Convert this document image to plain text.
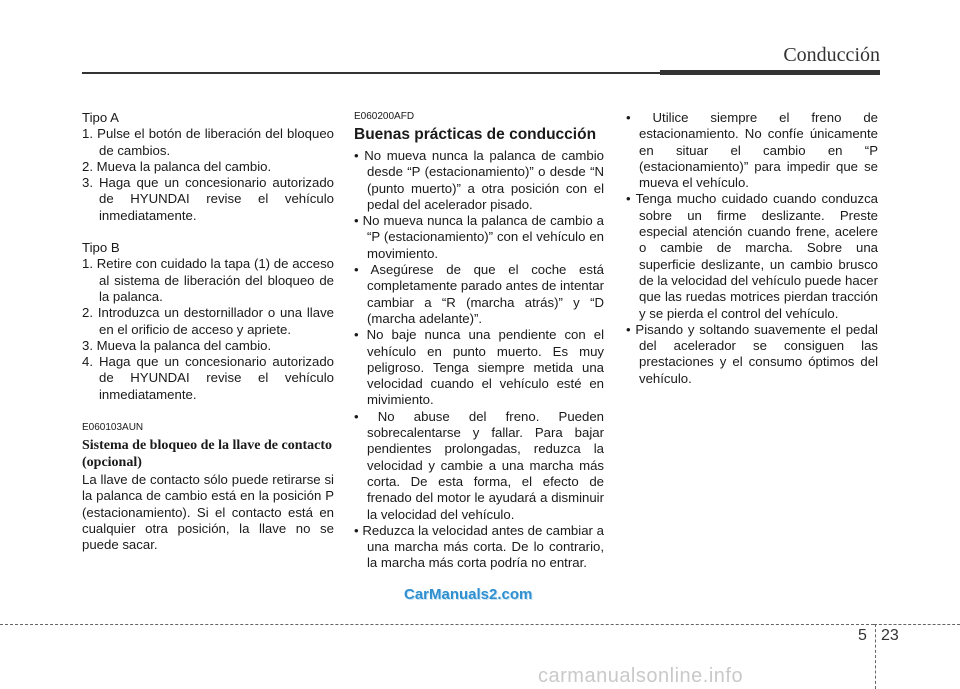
Conducción
Tipo A

1. Pulse el botón de liberación del bloqueo de cambios.

2. Mueva la palanca del cambio.

3. Haga que un concesionario autorizado de HYUNDAI revise el vehículo inmediatamente.

Tipo B

1. Retire con cuidado la tapa (1) de acceso al sistema de liberación del bloqueo de la palanca.

2. Introduzca un destornillador o una llave en el orificio de acceso y apriete.

3. Mueva la palanca del cambio.

4. Haga que un concesionario autorizado de HYUNDAI revise el vehículo inmediatamente.

E060103AUN
Sistema de bloqueo de la llave de contacto (opcional)
La llave de contacto sólo puede retirarse si la palanca de cambio está en la posición P (estacionamiento). Si el contacto está en cualquier otra posición, la llave no se puede sacar.
E060200AFD
Buenas prácticas de conducción

• No mueva nunca la palanca de cambio desde “P (estacionamiento)” o desde “N (punto muerto)” a otra posición con el pedal del acelerador pisado.

• No mueva nunca la palanca de cambio a “P (estacionamiento)” con el vehículo en movimiento.

• Asegúrese de que el coche está completamente parado antes de intentar cambiar a “R (marcha atrás)” y “D (marcha adelante)”.

• No baje nunca una pendiente con el vehículo en punto muerto. Es muy peligroso. Tenga siempre metida una velocidad cuando el vehículo esté en mivimiento.

• No abuse del freno. Pueden sobrecalentarse y fallar. Para bajar pendientes prolongadas, reduzca la velocidad y cambie a una marcha más corta. De esta forma, el efecto de frenado del motor le ayudará a disminuir la velocidad del vehículo.

• Reduzca la velocidad antes de cambiar a una marcha más corta. De lo contrario, la marcha más corta podría no entrar.

• Utilice siempre el freno de estacionamiento. No confíe únicamente en situar el cambio en “P (estacionamiento)” para impedir que se mueva el vehículo.

• Tenga mucho cuidado cuando conduzca sobre un firme deslizante. Preste especial atención cuando frene, acelere o cambie de marcha. Sobre una superficie deslizante, un cambio brusco de la velocidad del vehículo puede hacer que las ruedas motrices pierdan tracción y se pierda el control del vehículo.

• Pisando y soltando suavemente el pedal del acelerador se consiguen las prestaciones y el consumo óptimos del vehículo.

CarManuals2.com
5 23
carmanualsonline.info
